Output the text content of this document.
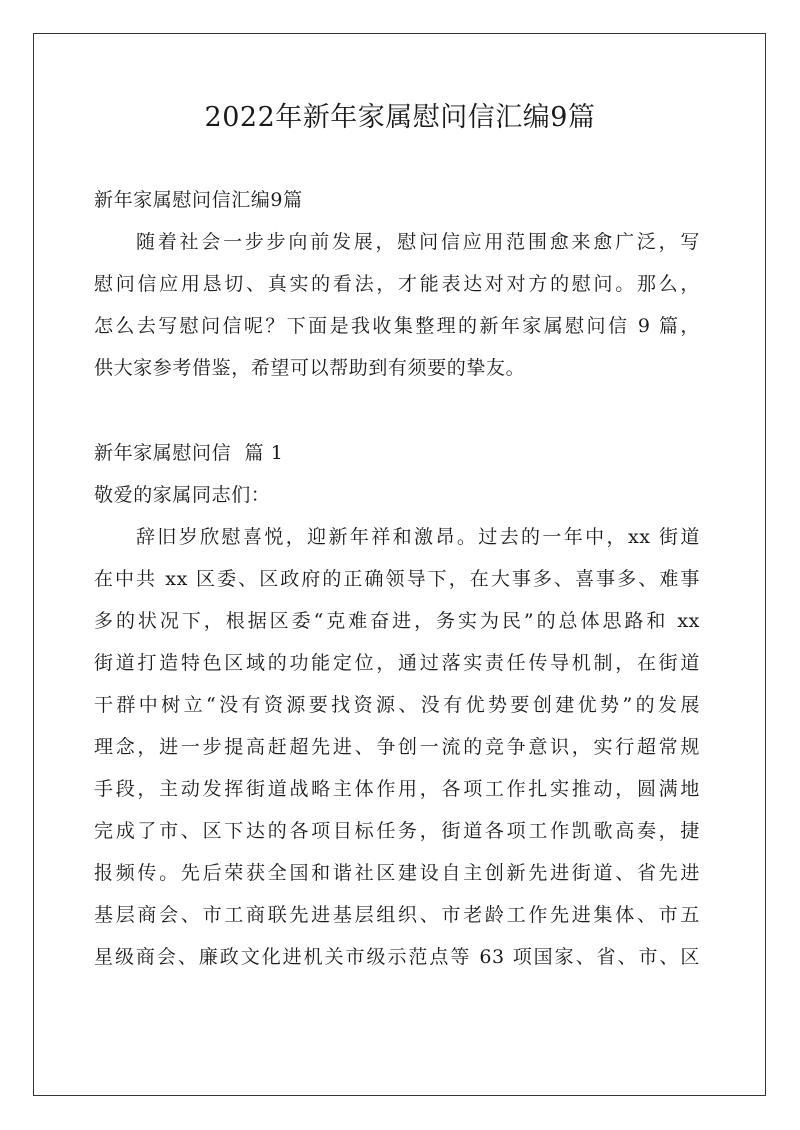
2022年新年家属慰问信汇编9篇
新年家属慰问信汇编9篇
随着社会一步步向前发展，慰问信应用范围愈来愈广泛，写
慰问信应用恳切、真实的看法，才能表达对对方的慰问。那么，
怎么去写慰问信呢？下面是我收集整理的新年家属慰问信 9 篇，
供大家参考借鉴，希望可以帮助到有须要的挚友。
新年家属慰问信  篇 1
敬爱的家属同志们：
辞旧岁欣慰喜悦，迎新年祥和激昂。过去的一年中，xx 街道
在中共 xx 区委、区政府的正确领导下，在大事多、喜事多、难事
多的状况下，根据区委“克难奋进，务实为民”的总体思路和 xx
街道打造特色区域的功能定位，通过落实责任传导机制，在街道
干群中树立“没有资源要找资源、没有优势要创建优势”的发展
理念，进一步提高赶超先进、争创一流的竞争意识，实行超常规
手段，主动发挥街道战略主体作用，各项工作扎实推动，圆满地
完成了市、区下达的各项目标任务，街道各项工作凯歌高奏，捷
报频传。先后荣获全国和谐社区建设自主创新先进街道、省先进
基层商会、市工商联先进基层组织、市老龄工作先进集体、市五
星级商会、廉政文化进机关市级示范点等 63 项国家、省、市、区
